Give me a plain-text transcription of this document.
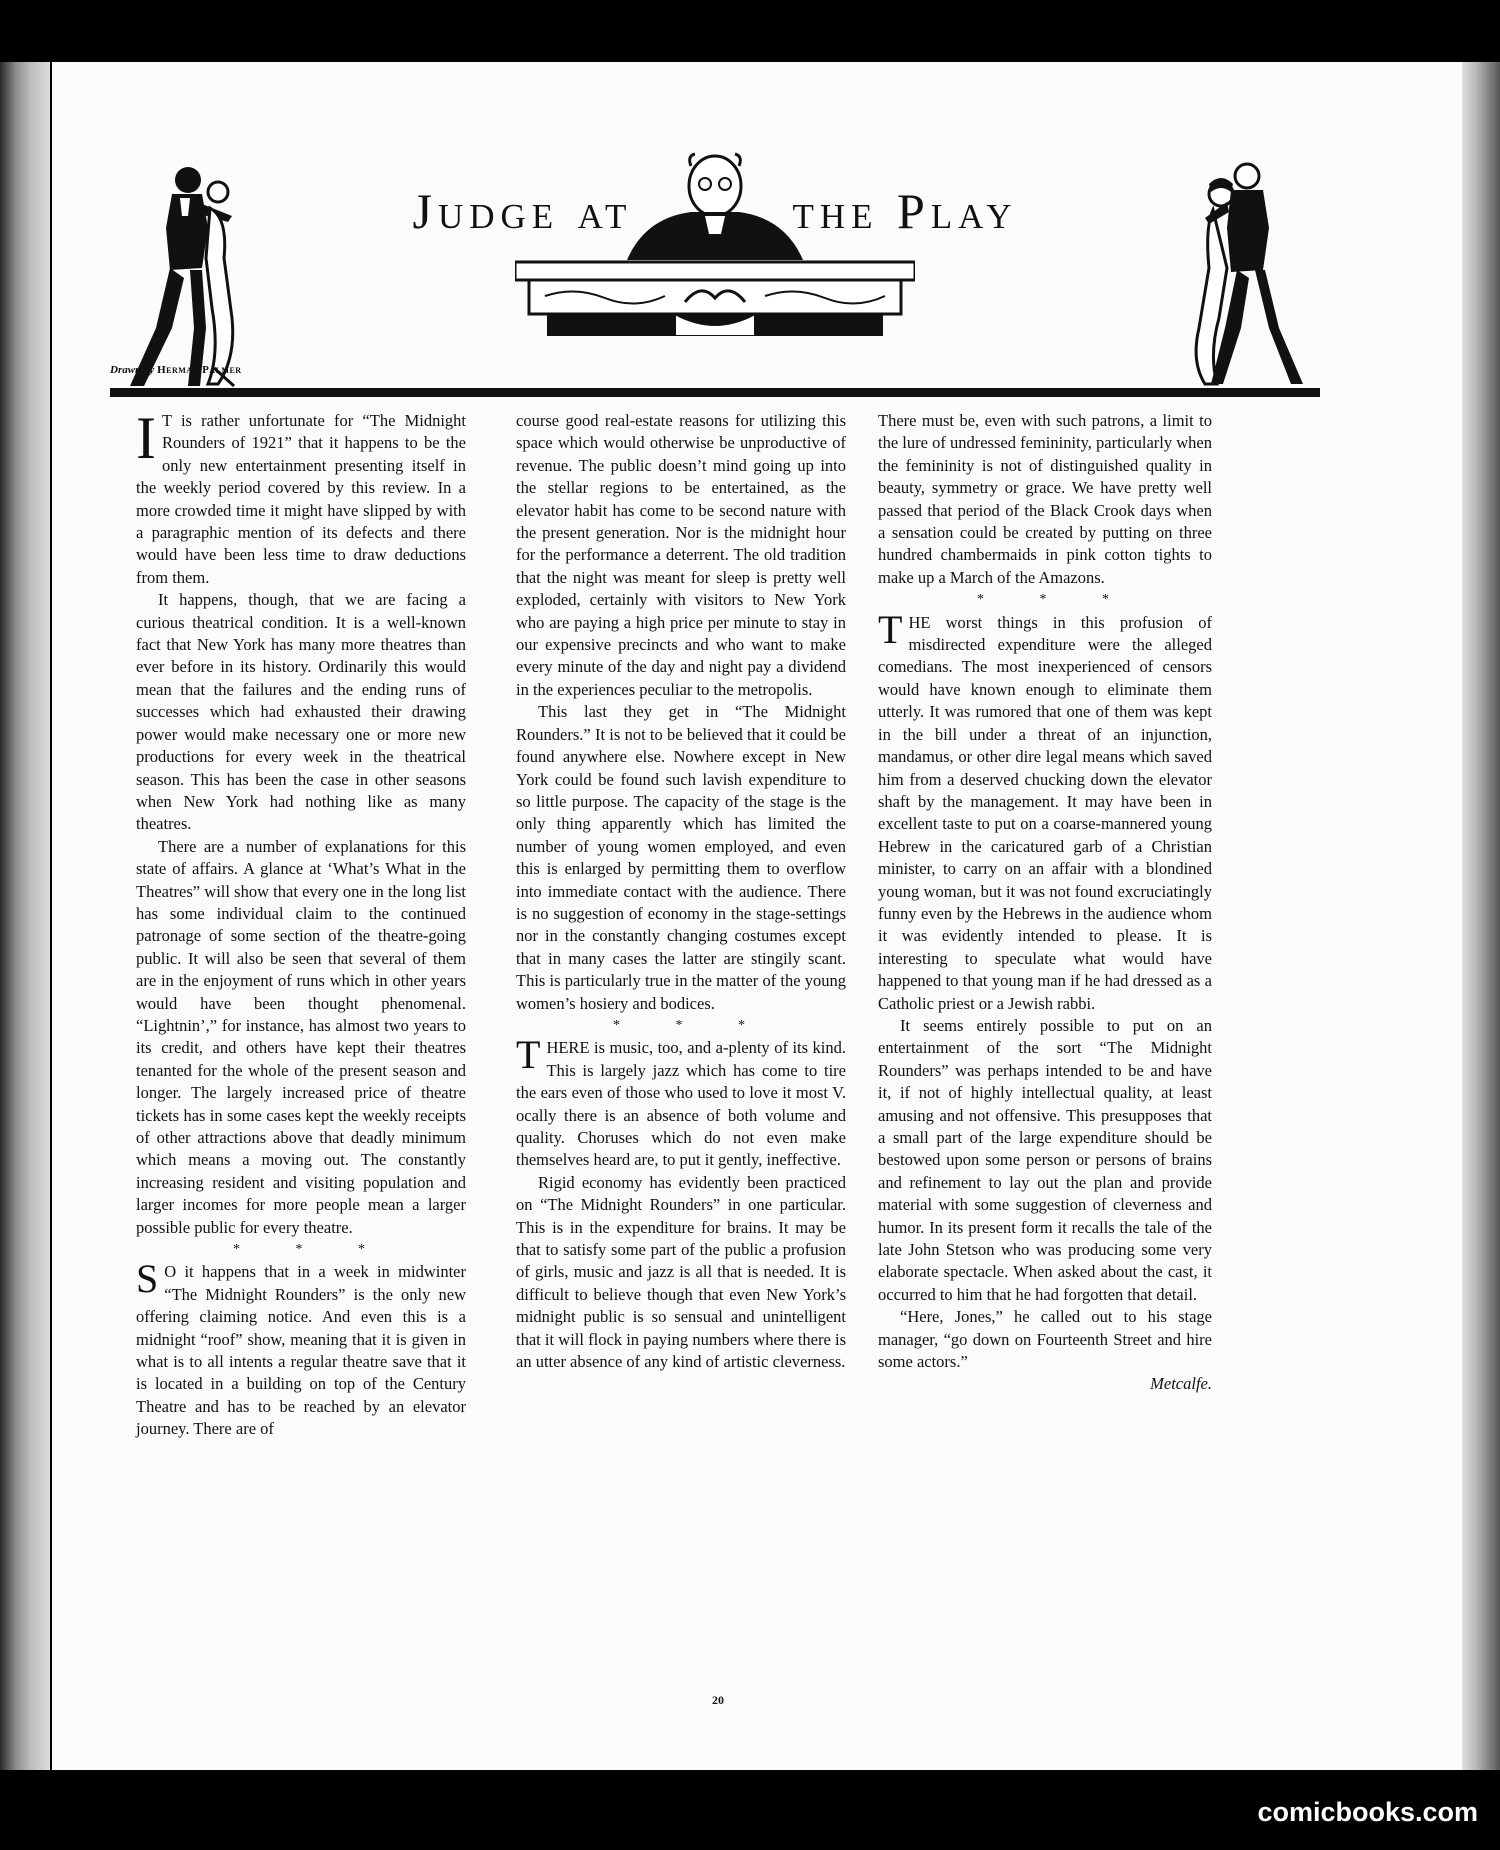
Judge at	the Play
Drawn by Herman Palmer

I T is rather unfortunate for “The Midnight Rounders of 1921” that it happens to be the only new entertainment presenting itself in the weekly period covered by this review. In a more crowded time it might have slipped by with a paragraphic mention of its defects and there would have been less time to draw deductions from them.

It happens, though, that we are facing a curious theatrical condition. It is a well-known fact that New York has many more theatres than ever before in its history. Ordinarily this would mean that the failures and the ending runs of successes which had exhausted their drawing power would make necessary one or more new productions for every week in the theatrical season. This has been the case in other seasons when New York had nothing like as many theatres.

There are a number of explanations for this state of affairs. A glance at ‘What’s What in the Theatres” will show that every one in the long list has some individual claim to the continued patronage of some section of the theatre-going public. It will also be seen that several of them are in the enjoyment of runs which in other years would have been thought phenomenal. “Lightnin’,” for instance, has almost two years to its credit, and others have kept their theatres tenanted for the whole of the present season and longer. The largely increased price of theatre tickets has in some cases kept the weekly receipts of other attractions above that deadly minimum which means a moving out. The constantly increasing resident and visiting population and larger incomes for more people mean a larger possible public for every theatre.

* * *

S O it happens that in a week in midwinter “The Midnight Rounders” is the only new offering claiming notice. And even this is a midnight “roof” show, meaning that it is given in what is to all intents a regular theatre save that it is located in a building on top of the Century Theatre and has to be reached by an elevator journey. There are of

course good real-estate reasons for utilizing this space which would otherwise be unproductive of revenue. The public doesn’t mind going up into the stellar regions to be entertained, as the elevator habit has come to be second nature with the present generation. Nor is the midnight hour for the performance a deterrent. The old tradition that the night was meant for sleep is pretty well exploded, certainly with visitors to New York who are paying a high price per minute to stay in our expensive precincts and who want to make every minute of the day and night pay a dividend in the experiences peculiar to the metropolis.

This last they get in “The Midnight Rounders.” It is not to be believed that it could be found anywhere else. Nowhere except in New York could be found such lavish expenditure to so little purpose. The capacity of the stage is the only thing apparently which has limited the number of young women employed, and even this is enlarged by permitting them to overflow into immediate contact with the audience. There is no suggestion of economy in the stage-settings nor in the constantly changing costumes except that in many cases the latter are stingily scant. This is particularly true in the matter of the young women’s hosiery and bodices.

* * *

THERE is music, too, and a-plenty of its kind. This is largely jazz which has come to tire the ears even of those who used to love it most V. ocally there is an absence of both volume and quality. Choruses which do not even make themselves heard are, to put it gently, ineffective.

Rigid economy has evidently been practiced on “The Midnight Rounders” in one particular. This is in the expenditure for brains. It may be that to satisfy some part of the public a profusion of girls, music and jazz is all that is needed. It is difficult to believe though that even New York’s midnight public is so sensual and unintelligent that it will flock in paying numbers where there is an utter absence of any kind of artistic cleverness.

There must be, even with such patrons, a limit to the lure of undressed femininity, particularly when the femininity is not of distinguished quality in beauty, symmetry or grace. We have pretty well passed that period of the Black Crook days when a sensation could be created by putting on three hundred chambermaids in pink cotton tights to make up a March of the Amazons.

* * *

THE worst things in this profusion of misdirected expenditure were the alleged comedians. The most inexperienced of censors would have known enough to eliminate them utterly. It was rumored that one of them was kept in the bill under a threat of an injunction, mandamus, or other dire legal means which saved him from a deserved chucking down the elevator shaft by the management. It may have been in excellent taste to put on a coarse-mannered young Hebrew in the caricatured garb of a Christian minister, to carry on an affair with a blondined young woman, but it was not found excruciatingly funny even by the Hebrews in the audience whom it was evidently intended to please. It is interesting to speculate what would have happened to that young man if he had dressed as a Catholic priest or a Jewish rabbi.

It seems entirely possible to put on an entertainment of the sort “The Midnight Rounders” was perhaps intended to be and have it, if not of highly intellectual quality, at least amusing and not offensive. This presupposes that a small part of the large expenditure should be bestowed upon some person or persons of brains and refinement to lay out the plan and provide material with some suggestion of cleverness and humor. In its present form it recalls the tale of the late John Stetson who was producing some very elaborate spectacle. When asked about the cast, it occurred to him that he had forgotten that detail.

“Here, Jones,” he called out to his stage manager, “go down on Fourteenth Street and hire some actors.”

Metcalfe.

20
comicbooks.com
